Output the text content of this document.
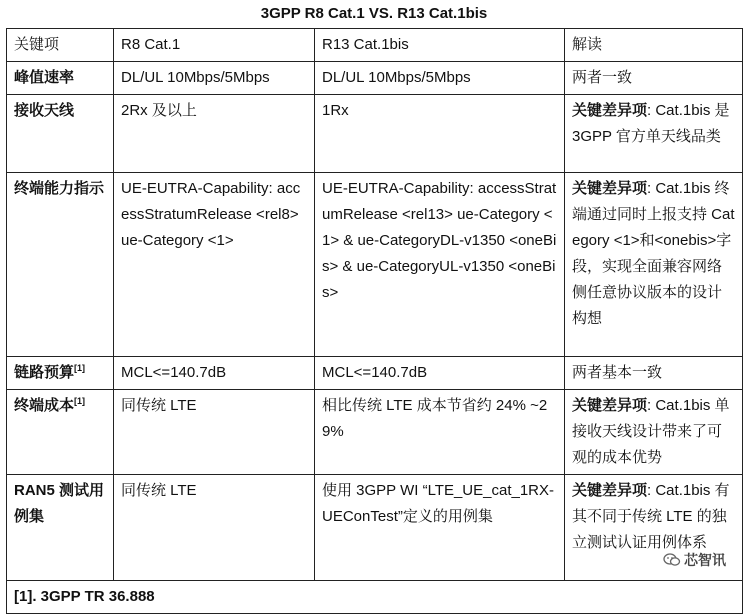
3GPP R8 Cat.1 VS. R13 Cat.1bis
关键项	R8 Cat.1	R13 Cat.1bis	解读
峰值速率	DL/UL 10Mbps/5Mbps	DL/UL 10Mbps/5Mbps	两者一致
接收天线	2Rx 及以上	1Rx	关键差异项: Cat.1bis 是 3GPP 官方单天线品类
终端能力指示	UE-EUTRA-Capability: accessStratumRelease <rel8> ue-Category <1>	UE-EUTRA-Capability: accessStratumRelease <rel13> ue-Category <1> & ue-CategoryDL-v1350 <oneBis> & ue-CategoryUL-v1350 <oneBis>	关键差异项: Cat.1bis 终端通过同时上报支持 Category <1>和<onebis>字段，实现全面兼容网络侧任意协议版本的设计构想
链路预算[1]	MCL<=140.7dB	MCL<=140.7dB	两者基本一致
终端成本[1]	同传统 LTE	相比传统 LTE 成本节省约 24% ~29%	关键差异项: Cat.1bis 单接收天线设计带来了可观的成本优势
RAN5 测试用例集	同传统 LTE	使用 3GPP WI “LTE_UE_cat_1RX-UEConTest”定义的用例集	关键差异项: Cat.1bis 有其不同于传统 LTE 的独立测试认证用例体系
[1]. 3GPP TR 36.888			
芯智讯
